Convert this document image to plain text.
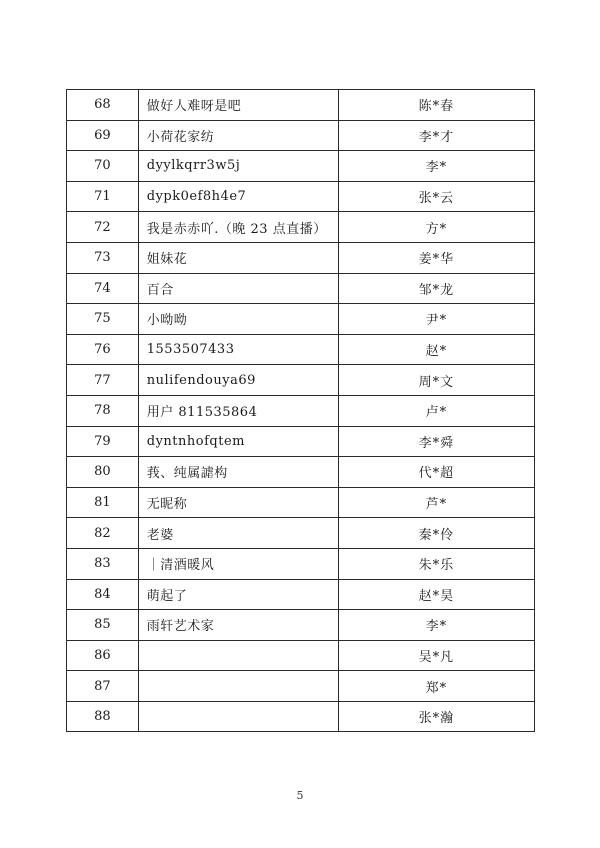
68	做好人难呀是吧	陈*春
69	小荷花家纺	李*才
70	dyylkqrr3w5j	李*
71	dypk0ef8h4e7	张*云
72	我是赤赤吖.（晚 23 点直播）	方*
73	姐妹花	姜*华
74	百合	邹*龙
75	小呦呦	尹*
76	1553507433	赵*
77	nulifendouya69	周*文
78	用户 811535864	卢*
79	dyntnhofqtem	李*舜
80	莪、纯属謔构	代*超
81	无昵称	芦*
82	老婆	秦*伶
83	｜清酒暖风	朱*乐
84	萌起了	赵*昊
85	雨轩艺术家	李*
86		吴*凡
87		郑*
88		张*瀚
5
